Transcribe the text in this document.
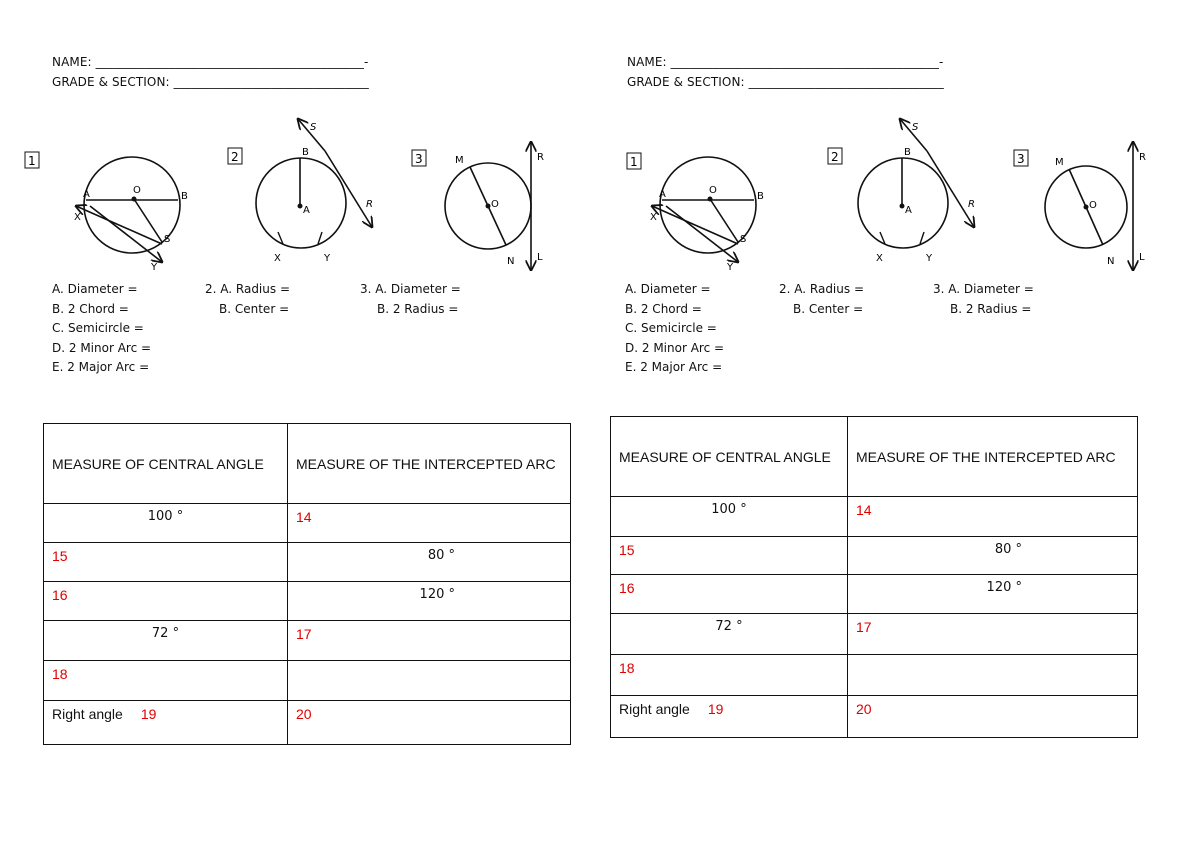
NAME: ____________________________________________-
GRADE & SECTION: ________________________________
1
A	O
B
X
S
Y
2
S
B
A
R
X	Y
3	M	R
O
N L
A. Diameter =
B. 2 Chord =
C. Semicircle =
D. 2 Minor Arc =
E. 2 Major Arc =
2. A. Radius =
B. Center =
3. A. Diameter =
B. 2 Radius =
MEASURE OF CENTRAL ANGLE	MEASURE OF THE INTERCEPTED ARC

100 °	14

15	80 °

16	120 °

72 °	17

18	

Right angle 19	20
NAME: ____________________________________________-
GRADE & SECTION: ________________________________
1
A	O
B
X
S
Y
2
S
B
A
R
X	Y
3	M	R
O
N L
A. Diameter =
B. 2 Chord =
C. Semicircle =
D. 2 Minor Arc =
E. 2 Major Arc =
2. A. Radius =
B. Center =
3. A. Diameter =
B. 2 Radius =
MEASURE OF CENTRAL ANGLE	MEASURE OF THE INTERCEPTED ARC

100 °	14

15	80 °

16	120 °

72 °	17

18	

Right angle 19	20
